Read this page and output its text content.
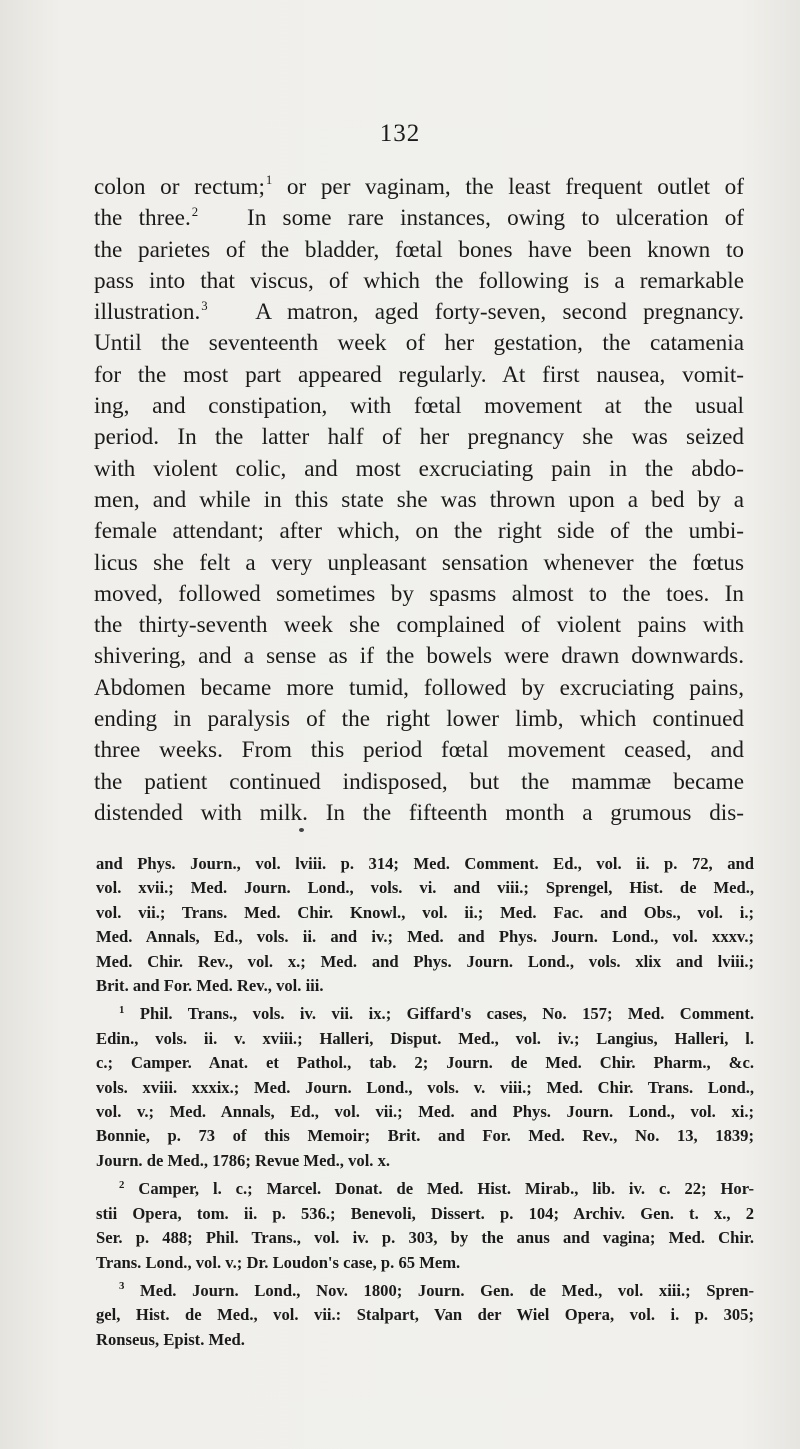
132
colon or rectum;$^1$ or per vaginam, the least frequent outlet of
the three.$^2$ In some rare instances, owing to ulceration of
the parietes of the bladder, fœtal bones have been known to
pass into that viscus, of which the following is a remarkable
illustration.$^3$ A matron, aged forty-seven, second pregnancy.
Until the seventeenth week of her gestation, the catamenia
for the most part appeared regularly. At first nausea, vomit-
ing, and constipation, with fœtal movement at the usual
period. In the latter half of her pregnancy she was seized
with violent colic, and most excruciating pain in the abdo-
men, and while in this state she was thrown upon a bed by a
female attendant; after which, on the right side of the umbi-
licus she felt a very unpleasant sensation whenever the fœtus
moved, followed sometimes by spasms almost to the toes. In
the thirty-seventh week she complained of violent pains with
shivering, and a sense as if the bowels were drawn downwards.
Abdomen became more tumid, followed by excruciating pains,
ending in paralysis of the right lower limb, which continued
three weeks. From this period fœtal movement ceased, and
the patient continued indisposed, but the mammæ became
distended with milk. In the fifteenth month a grumous dis-
and Phys. Journ., vol. lviii. p. 314; Med. Comment. Ed., vol. ii. p. 72, and
vol. xvii.; Med. Journ. Lond., vols. vi. and viii.; Sprengel, Hist. de Med.,
vol. vii.; Trans. Med. Chir. Knowl., vol. ii.; Med. Fac. and Obs., vol. i.;
Med. Annals, Ed., vols. ii. and iv.; Med. and Phys. Journ. Lond., vol. xxxv.;
Med. Chir. Rev., vol. x.; Med. and Phys. Journ. Lond., vols. xlix and lviii.;
Brit. and For. Med. Rev., vol. iii.
$^1$ Phil. Trans., vols. iv. vii. ix.; Giffard's cases, No. 157; Med. Comment.
Edin., vols. ii. v. xviii.; Halleri, Disput. Med., vol. iv.; Langius, Halleri, l.
c.; Camper. Anat. et Pathol., tab. 2; Journ. de Med. Chir. Pharm., &c.
vols. xviii. xxxix.; Med. Journ. Lond., vols. v. viii.; Med. Chir. Trans. Lond.,
vol. v.; Med. Annals, Ed., vol. vii.; Med. and Phys. Journ. Lond., vol. xi.;
Bonnie, p. 73 of this Memoir; Brit. and For. Med. Rev., No. 13, 1839;
Journ. de Med., 1786; Revue Med., vol. x.
$^2$ Camper, l. c.; Marcel. Donat. de Med. Hist. Mirab., lib. iv. c. 22; Hor-
stii Opera, tom. ii. p. 536.; Benevoli, Dissert. p. 104; Archiv. Gen. t. x., 2
Ser. p. 488; Phil. Trans., vol. iv. p. 303, by the anus and vagina; Med. Chir.
Trans. Lond., vol. v.; Dr. Loudon's case, p. 65 Mem.
$^3$ Med. Journ. Lond., Nov. 1800; Journ. Gen. de Med., vol. xiii.; Spren-
gel, Hist. de Med., vol. vii.: Stalpart, Van der Wiel Opera, vol. i. p. 305;
Ronseus, Epist. Med.
